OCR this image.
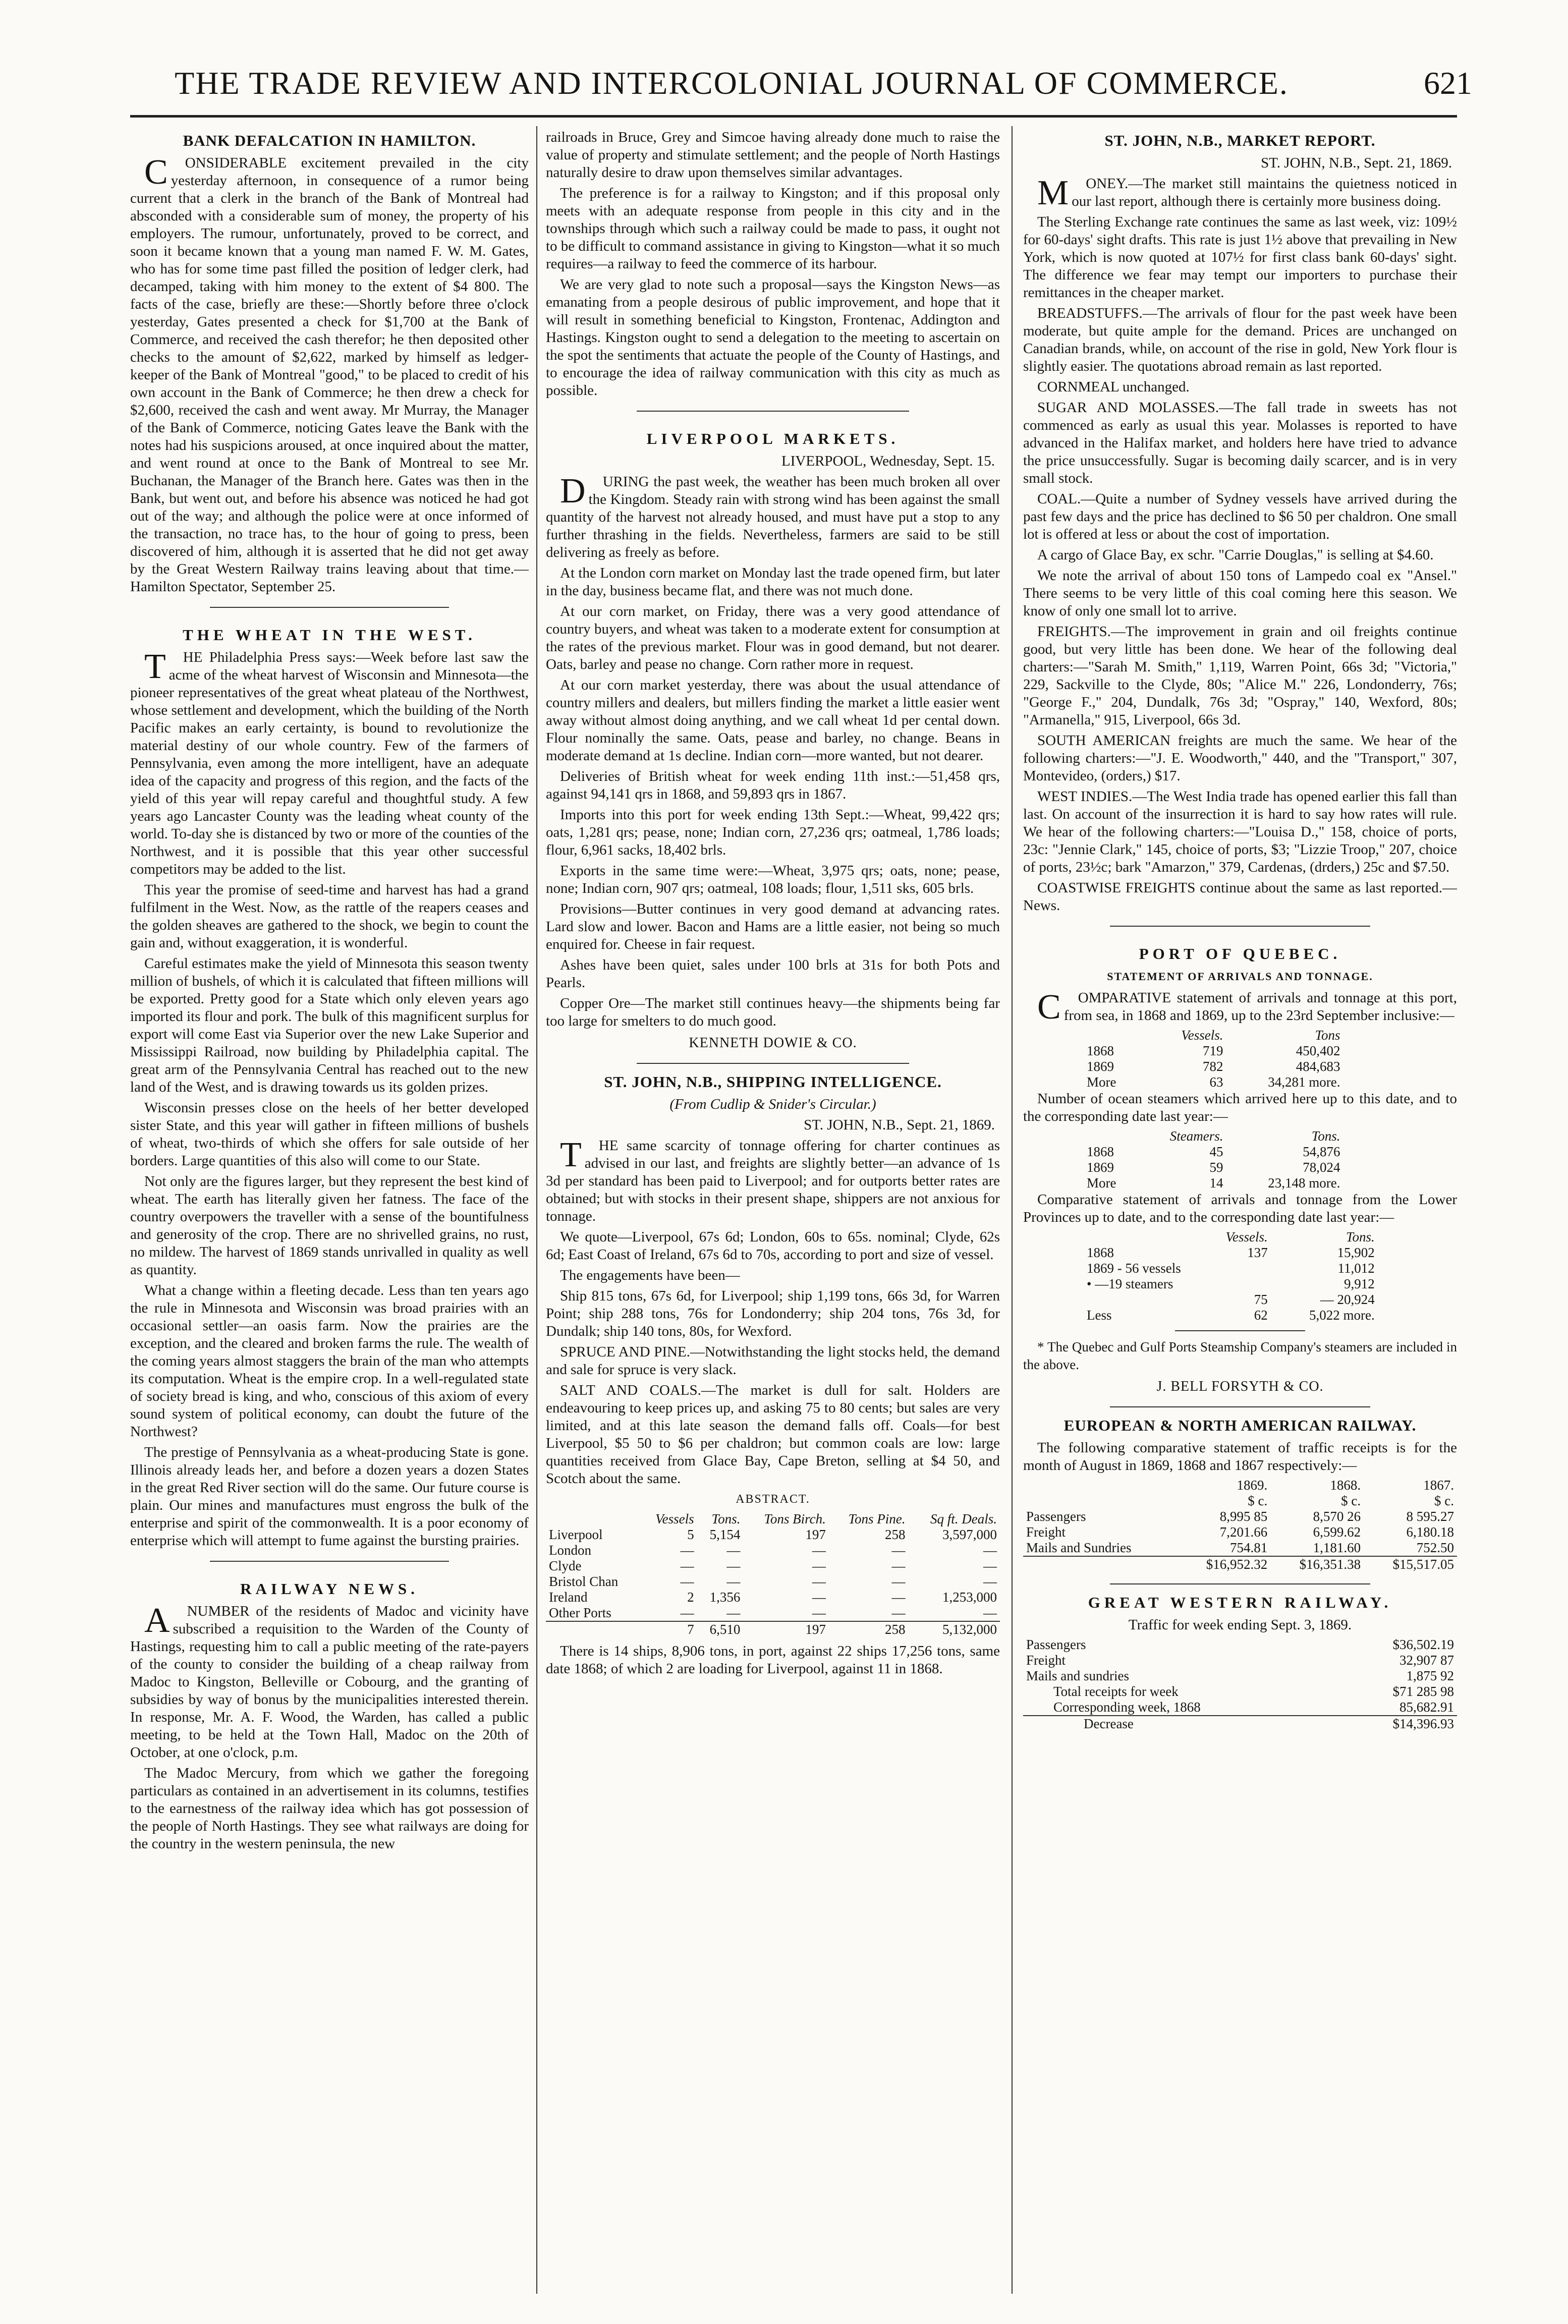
THE TRADE REVIEW AND INTERCOLONIAL JOURNAL OF COMMERCE.	621
BANK DEFALCATION IN HAMILTON.

CONSIDERABLE excitement prevailed in the city yesterday afternoon, in consequence of a rumor being current that a clerk in the branch of the Bank of Montreal had absconded with a considerable sum of money, the property of his employers. The rumour, unfortunately, proved to be correct, and soon it became known that a young man named F. W. M. Gates, who has for some time past filled the position of ledger clerk, had decamped, taking with him money to the extent of $4 800. The facts of the case, briefly are these:—Shortly before three o'clock yesterday, Gates presented a check for $1,700 at the Bank of Commerce, and received the cash therefor; he then deposited other checks to the amount of $2,622, marked by himself as ledger-keeper of the Bank of Montreal "good," to be placed to credit of his own account in the Bank of Commerce; he then drew a check for $2,600, received the cash and went away. Mr Murray, the Manager of the Bank of Commerce, noticing Gates leave the Bank with the notes had his suspicions aroused, at once inquired about the matter, and went round at once to the Bank of Montreal to see Mr. Buchanan, the Manager of the Branch here. Gates was then in the Bank, but went out, and before his absence was noticed he had got out of the way; and although the police were at once informed of the transaction, no trace has, to the hour of going to press, been discovered of him, although it is asserted that he did not get away by the Great Western Railway trains leaving about that time.—Hamilton Spectator, September 25.

THE WHEAT IN THE WEST.

THE Philadelphia Press says:—Week before last saw the acme of the wheat harvest of Wisconsin and Minnesota—the pioneer representatives of the great wheat plateau of the Northwest, whose settlement and development, which the building of the North Pacific makes an early certainty, is bound to revolutionize the material destiny of our whole country. Few of the farmers of Pennsylvania, even among the more intelligent, have an adequate idea of the capacity and progress of this region, and the facts of the yield of this year will repay careful and thoughtful study. A few years ago Lancaster County was the leading wheat county of the world. To-day she is distanced by two or more of the counties of the Northwest, and it is possible that this year other successful competitors may be added to the list.

This year the promise of seed-time and harvest has had a grand fulfilment in the West. Now, as the rattle of the reapers ceases and the golden sheaves are gathered to the shock, we begin to count the gain and, without exaggeration, it is wonderful.

Careful estimates make the yield of Minnesota this season twenty million of bushels, of which it is calculated that fifteen millions will be exported. Pretty good for a State which only eleven years ago imported its flour and pork. The bulk of this magnificent surplus for export will come East via Superior over the new Lake Superior and Mississippi Railroad, now building by Philadelphia capital. The great arm of the Pennsylvania Central has reached out to the new land of the West, and is drawing towards us its golden prizes.

Wisconsin presses close on the heels of her better developed sister State, and this year will gather in fifteen millions of bushels of wheat, two-thirds of which she offers for sale outside of her borders. Large quantities of this also will come to our State.

Not only are the figures larger, but they represent the best kind of wheat. The earth has literally given her fatness. The face of the country overpowers the traveller with a sense of the bountifulness and generosity of the crop. There are no shrivelled grains, no rust, no mildew. The harvest of 1869 stands unrivalled in quality as well as quantity.

What a change within a fleeting decade. Less than ten years ago the rule in Minnesota and Wisconsin was broad prairies with an occasional settler—an oasis farm. Now the prairies are the exception, and the cleared and broken farms the rule. The wealth of the coming years almost staggers the brain of the man who attempts its computation. Wheat is the empire crop. In a well-regulated state of society bread is king, and who, conscious of this axiom of every sound system of political economy, can doubt the future of the Northwest?

The prestige of Pennsylvania as a wheat-producing State is gone. Illinois already leads her, and before a dozen years a dozen States in the great Red River section will do the same. Our future course is plain. Our mines and manufactures must engross the bulk of the enterprise and spirit of the commonwealth. It is a poor economy of enterprise which will attempt to fume against the bursting prairies.

RAILWAY NEWS.

ANUMBER of the residents of Madoc and vicinity have subscribed a requisition to the Warden of the County of Hastings, requesting him to call a public meeting of the rate-payers of the county to consider the building of a cheap railway from Madoc to Kingston, Belleville or Cobourg, and the granting of subsidies by way of bonus by the municipalities interested therein. In response, Mr. A. F. Wood, the Warden, has called a public meeting, to be held at the Town Hall, Madoc on the 20th of October, at one o'clock, p.m.

The Madoc Mercury, from which we gather the foregoing particulars as contained in an advertisement in its columns, testifies to the earnestness of the railway idea which has got possession of the people of North Hastings. They see what railways are doing for the country in the western peninsula, the new

railroads in Bruce, Grey and Simcoe having already done much to raise the value of property and stimulate settlement; and the people of North Hastings naturally desire to draw upon themselves similar advantages.

The preference is for a railway to Kingston; and if this proposal only meets with an adequate response from people in this city and in the townships through which such a railway could be made to pass, it ought not to be difficult to command assistance in giving to Kingston—what it so much requires—a railway to feed the commerce of its harbour.

We are very glad to note such a proposal—says the Kingston News—as emanating from a people desirous of public improvement, and hope that it will result in something beneficial to Kingston, Frontenac, Addington and Hastings. Kingston ought to send a delegation to the meeting to ascertain on the spot the sentiments that actuate the people of the County of Hastings, and to encourage the idea of railway communication with this city as much as possible.

LIVERPOOL MARKETS.

LIVERPOOL, Wednesday, Sept. 15.

DURING the past week, the weather has been much broken all over the Kingdom. Steady rain with strong wind has been against the small quantity of the harvest not already housed, and must have put a stop to any further thrashing in the fields. Nevertheless, farmers are said to be still delivering as freely as before.

At the London corn market on Monday last the trade opened firm, but later in the day, business became flat, and there was not much done.

At our corn market, on Friday, there was a very good attendance of country buyers, and wheat was taken to a moderate extent for consumption at the rates of the previous market. Flour was in good demand, but not dearer. Oats, barley and pease no change. Corn rather more in request.

At our corn market yesterday, there was about the usual attendance of country millers and dealers, but millers finding the market a little easier went away without almost doing anything, and we call wheat 1d per cental down. Flour nominally the same. Oats, pease and barley, no change. Beans in moderate demand at 1s decline. Indian corn—more wanted, but not dearer.

Deliveries of British wheat for week ending 11th inst.:—51,458 qrs, against 94,141 qrs in 1868, and 59,893 qrs in 1867.

Imports into this port for week ending 13th Sept.:—Wheat, 99,422 qrs; oats, 1,281 qrs; pease, none; Indian corn, 27,236 qrs; oatmeal, 1,786 loads; flour, 6,961 sacks, 18,402 brls.

Exports in the same time were:—Wheat, 3,975 qrs; oats, none; pease, none; Indian corn, 907 qrs; oatmeal, 108 loads; flour, 1,511 sks, 605 brls.

Provisions—Butter continues in very good demand at advancing rates. Lard slow and lower. Bacon and Hams are a little easier, not being so much enquired for. Cheese in fair request.

Ashes have been quiet, sales under 100 brls at 31s for both Pots and Pearls.

Copper Ore—The market still continues heavy—the shipments being far too large for smelters to do much good.

KENNETH DOWIE & CO.

ST. JOHN, N.B., SHIPPING INTELLIGENCE.

(From Cudlip & Snider's Circular.)

ST. JOHN, N.B., Sept. 21, 1869.

THE same scarcity of tonnage offering for charter continues as advised in our last, and freights are slightly better—an advance of 1s 3d per standard has been paid to Liverpool; and for outports better rates are obtained; but with stocks in their present shape, shippers are not anxious for tonnage.

We quote—Liverpool, 67s 6d; London, 60s to 65s. nominal; Clyde, 62s 6d; East Coast of Ireland, 67s 6d to 70s, according to port and size of vessel.

The engagements have been—

Ship 815 tons, 67s 6d, for Liverpool; ship 1,199 tons, 66s 3d, for Warren Point; ship 288 tons, 76s for Londonderry; ship 204 tons, 76s 3d, for Dundalk; ship 140 tons, 80s, for Wexford.

SPRUCE AND PINE.—Notwithstanding the light stocks held, the demand and sale for spruce is very slack.

SALT AND COALS.—The market is dull for salt. Holders are endeavouring to keep prices up, and asking 75 to 80 cents; but sales are very limited, and at this late season the demand falls off. Coals—for best Liverpool, $5 50 to $6 per chaldron; but common coals are low: large quantities received from Glace Bay, Cape Breton, selling at $4 50, and Scotch about the same.

ABSTRACT.

	Vessels	Tons.	Tons Birch.	Tons Pine.	Sq ft. Deals.
Liverpool	5	5,154	197	258	3,597,000
London	—	—	—	—	—
Clyde	—	—	—	—	—
Bristol Chan	—	—	—	—	—
Ireland	2	1,356	—	—	1,253,000
Other Ports	—	—	—	—	—
	7	6,510	197	258	5,132,000

There is 14 ships, 8,906 tons, in port, against 22 ships 17,256 tons, same date 1868; of which 2 are loading for Liverpool, against 11 in 1868.

ST. JOHN, N.B., MARKET REPORT.

ST. JOHN, N.B., Sept. 21, 1869.

MONEY.—The market still maintains the quietness noticed in our last report, although there is certainly more business doing.

The Sterling Exchange rate continues the same as last week, viz: 109½ for 60-days' sight drafts. This rate is just 1½ above that prevailing in New York, which is now quoted at 107½ for first class bank 60-days' sight. The difference we fear may tempt our importers to purchase their remittances in the cheaper market.

BREADSTUFFS.—The arrivals of flour for the past week have been moderate, but quite ample for the demand. Prices are unchanged on Canadian brands, while, on account of the rise in gold, New York flour is slightly easier. The quotations abroad remain as last reported.

CORNMEAL unchanged.

SUGAR AND MOLASSES.—The fall trade in sweets has not commenced as early as usual this year. Molasses is reported to have advanced in the Halifax market, and holders here have tried to advance the price unsuccessfully. Sugar is becoming daily scarcer, and is in very small stock.

COAL.—Quite a number of Sydney vessels have arrived during the past few days and the price has declined to $6 50 per chaldron. One small lot is offered at less or about the cost of importation.

A cargo of Glace Bay, ex schr. "Carrie Douglas," is selling at $4.60.

We note the arrival of about 150 tons of Lampedo coal ex "Ansel." There seems to be very little of this coal coming here this season. We know of only one small lot to arrive.

FREIGHTS.—The improvement in grain and oil freights continue good, but very little has been done. We hear of the following deal charters:—"Sarah M. Smith," 1,119, Warren Point, 66s 3d; "Victoria," 229, Sackville to the Clyde, 80s; "Alice M." 226, Londonderry, 76s; "George F.," 204, Dundalk, 76s 3d; "Ospray," 140, Wexford, 80s; "Armanella," 915, Liverpool, 66s 3d.

SOUTH AMERICAN freights are much the same. We hear of the following charters:—"J. E. Woodworth," 440, and the "Transport," 307, Montevideo, (orders,) $17.

WEST INDIES.—The West India trade has opened earlier this fall than last. On account of the insurrection it is hard to say how rates will rule. We hear of the following charters:—"Louisa D.," 158, choice of ports, 23c: "Jennie Clark," 145, choice of ports, $3; "Lizzie Troop," 207, choice of ports, 23½c; bark "Amarzon," 379, Cardenas, (drders,) 25c and $7.50.

COASTWISE FREIGHTS continue about the same as last reported.—News.

PORT OF QUEBEC.
STATEMENT OF ARRIVALS AND TONNAGE.

COMPARATIVE statement of arrivals and tonnage at this port, from sea, in 1868 and 1869, up to the 23rd September inclusive:—

	Vessels.	Tons
1868	719	450,402
1869	782	484,683
More	63	34,281 more.

Number of ocean steamers which arrived here up to this date, and to the corresponding date last year:—

	Steamers.	Tons.
1868	45	54,876
1869	59	78,024
More	14	23,148 more.

Comparative statement of arrivals and tonnage from the Lower Provinces up to date, and to the corresponding date last year:—

	Vessels.	Tons.
1868	137	15,902
1869 - 56 vessels		11,012
• —19 steamers		9,912
	75	— 20,924
Less	62	5,022 more.

* The Quebec and Gulf Ports Steamship Company's steamers are included in the above.

J. BELL FORSYTH & CO.

EUROPEAN & NORTH AMERICAN RAILWAY.

The following comparative statement of traffic receipts is for the month of August in 1869, 1868 and 1867 respectively:—

	1869.	1868.	1867.
	$ c.	$ c.	$ c.
Passengers	8,995 85	8,570 26	8 595.27
Freight	7,201.66	6,599.62	6,180.18
Mails and Sundries	754.81	1,181.60	752.50
	$16,952.32	$16,351.38	$15,517.05
GREAT WESTERN RAILWAY.

Traffic for week ending Sept. 3, 1869.

Passengers	$36,502.19
Freight	32,907 87
Mails and sundries	1,875 92
Total receipts for week	$71 285 98
Corresponding week, 1868	85,682.91
Decrease	$14,396.93
